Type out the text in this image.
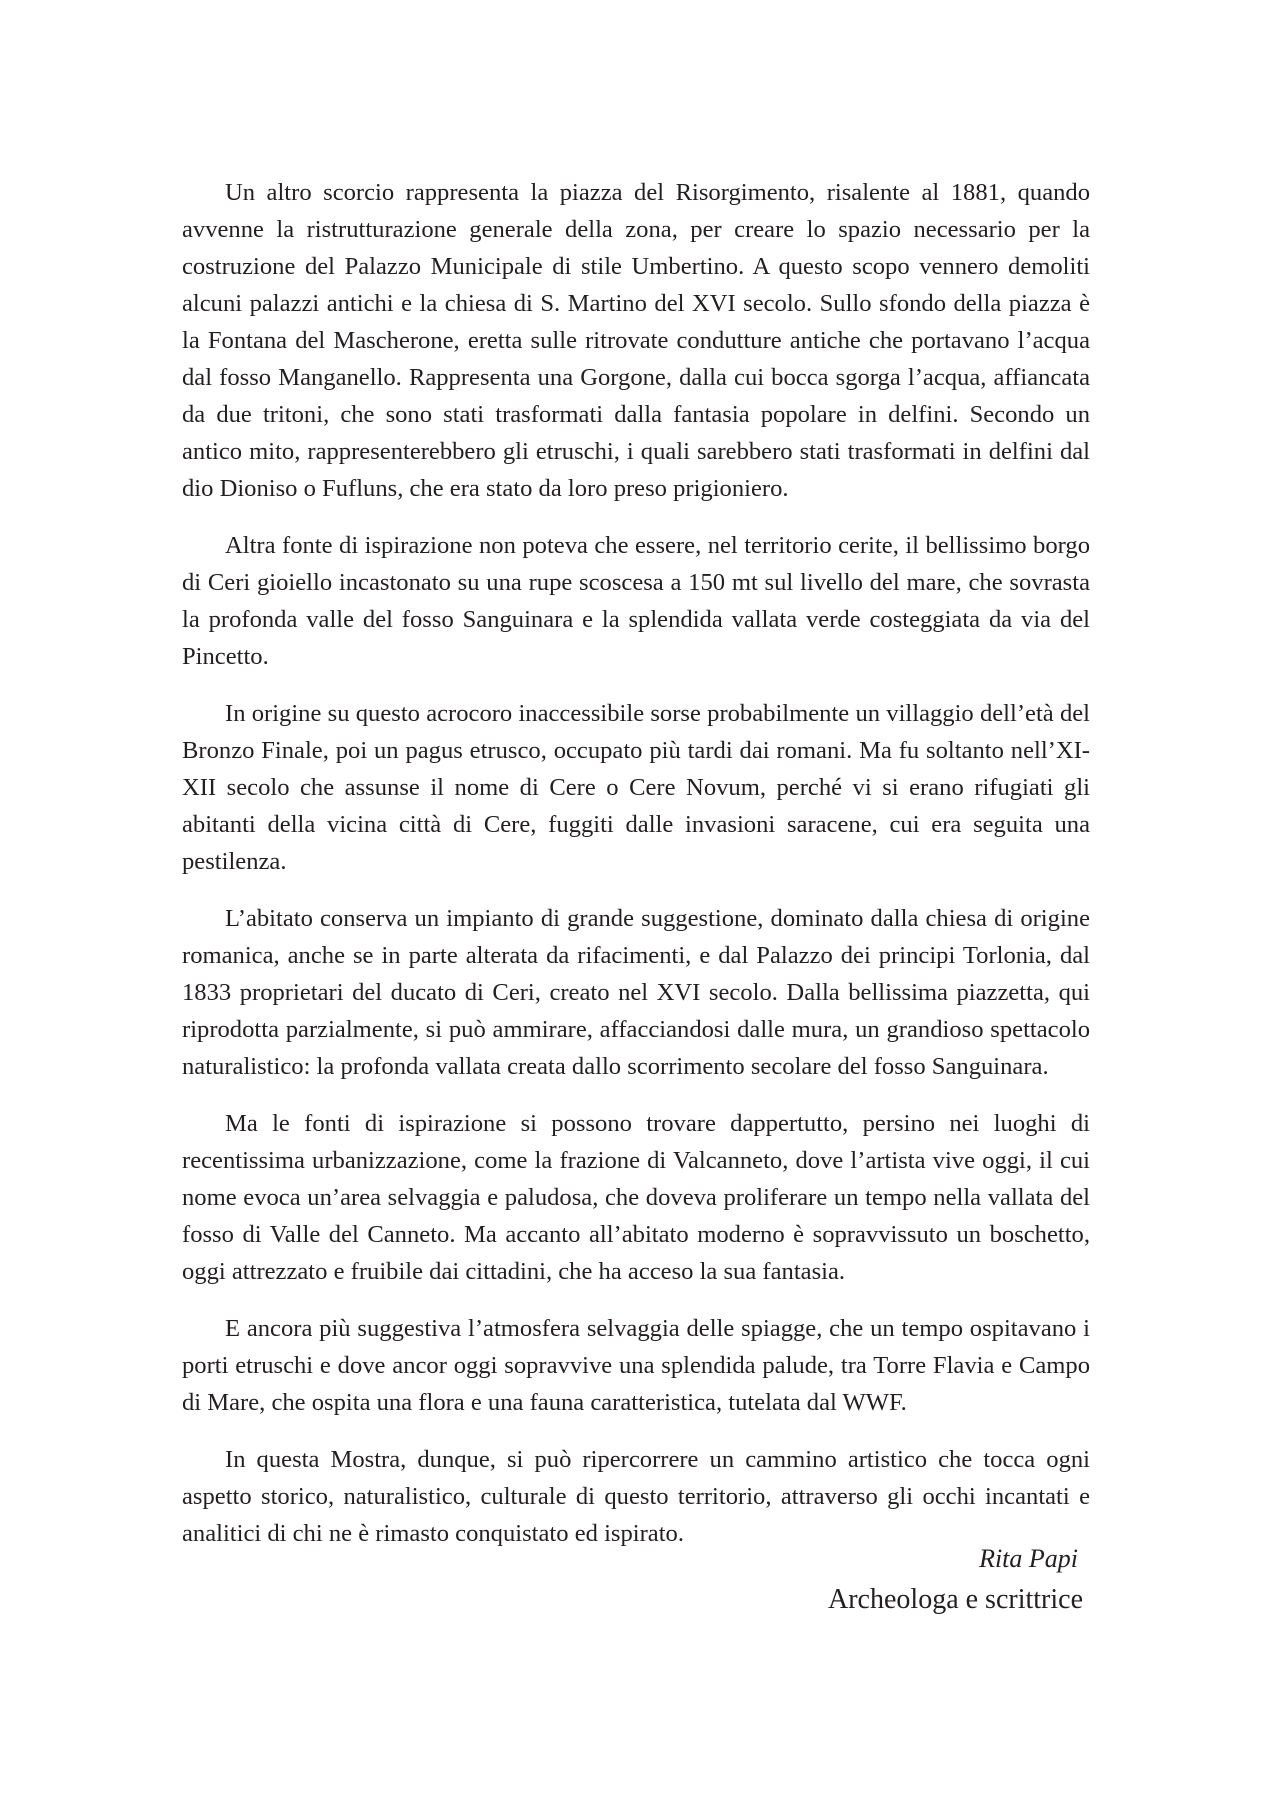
Un altro scorcio rappresenta la piazza del Risorgimento, risalente al 1881, quando avvenne la ristrutturazione generale della zona, per creare lo spazio necessario per la costruzione del Palazzo Municipale di stile Umbertino. A questo scopo vennero demoliti alcuni palazzi antichi e la chiesa di S. Martino del XVI secolo. Sullo sfondo della piazza è la Fontana del Mascherone, eretta sulle ritrovate condutture antiche che portavano l’acqua dal fosso Manganello. Rappresenta una Gorgone, dalla cui bocca sgorga l’acqua, affiancata da due tritoni, che sono stati trasformati dalla fantasia popolare in delfini. Secondo un antico mito, rappresenterebbero gli etruschi, i quali sarebbero stati trasformati in delfini dal dio Dioniso o Fufluns, che era stato da loro preso prigioniero.

Altra fonte di ispirazione non poteva che essere, nel territorio cerite, il bellissimo borgo di Ceri gioiello incastonato su una rupe scoscesa a 150 mt sul livello del mare, che sovrasta la profonda valle del fosso Sanguinara e la splendida vallata verde costeggiata da via del Pincetto.

In origine su questo acrocoro inaccessibile sorse probabilmente un villaggio dell’età del Bronzo Finale, poi un pagus etrusco, occupato più tardi dai romani. Ma fu soltanto nell’XI-XII secolo che assunse il nome di Cere o Cere Novum, perché vi si erano rifugiati gli abitanti della vicina città di Cere, fuggiti dalle invasioni saracene, cui era seguita una pestilenza.

L’abitato conserva un impianto di grande suggestione, dominato dalla chiesa di origine romanica, anche se in parte alterata da rifacimenti, e dal Palazzo dei principi Torlonia, dal 1833 proprietari del ducato di Ceri, creato nel XVI secolo. Dalla bellissima piazzetta, qui riprodotta parzialmente, si può ammirare, affacciandosi dalle mura, un grandioso spettacolo naturalistico: la profonda vallata creata dallo scorrimento secolare del fosso Sanguinara.

Ma le fonti di ispirazione si possono trovare dappertutto, persino nei luoghi di recentissima urbanizzazione, come la frazione di Valcanneto, dove l’artista vive oggi, il cui nome evoca un’area selvaggia e paludosa, che doveva proliferare un tempo nella vallata del fosso di Valle del Canneto. Ma accanto all’abitato moderno è sopravvissuto un boschetto, oggi attrezzato e fruibile dai cittadini, che ha acceso la sua fantasia.

E ancora più suggestiva l’atmosfera selvaggia delle spiagge, che un tempo ospitavano i porti etruschi e dove ancor oggi sopravvive una splendida palude, tra Torre Flavia e Campo di Mare, che ospita una flora e una fauna caratteristica, tutelata dal WWF.

In questa Mostra, dunque, si può ripercorrere un cammino artistico che tocca ogni aspetto storico, naturalistico, culturale di questo territorio, attraverso gli occhi incantati e analitici di chi ne è rimasto conquistato ed ispirato.

Rita Papi
Archeologa e scrittrice
